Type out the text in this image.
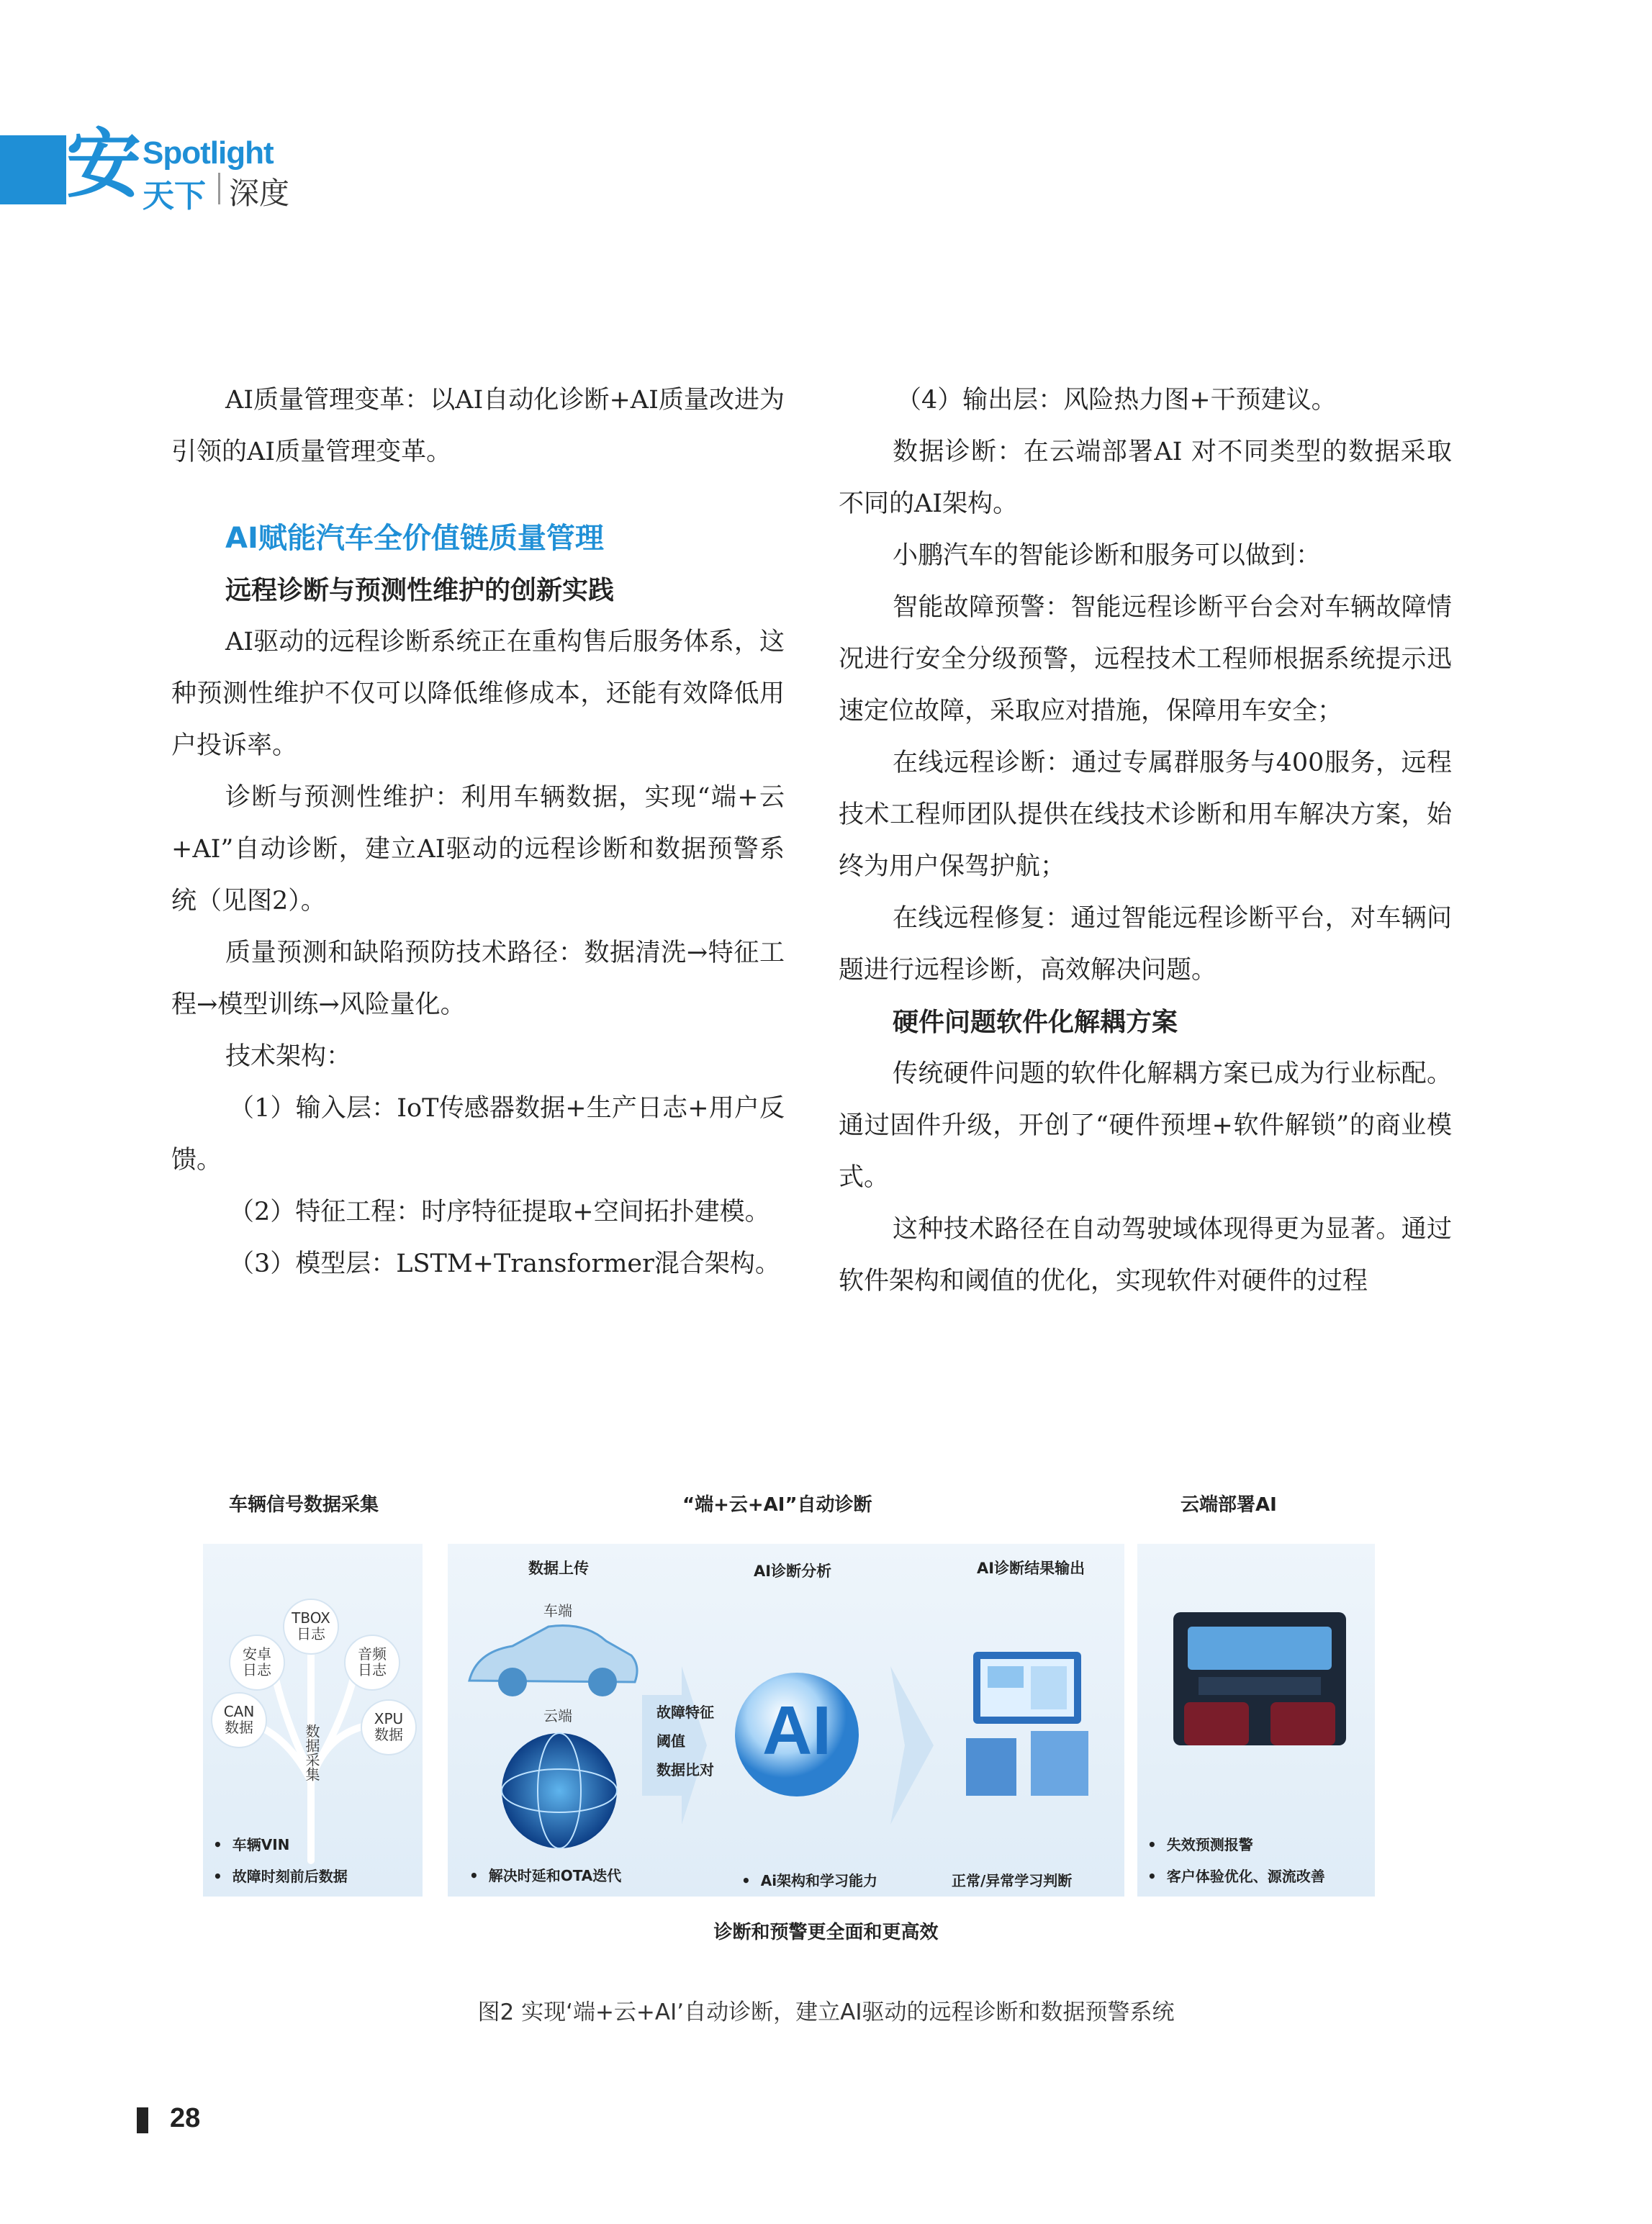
安 Spotlight
天下 深度

AI质量管理变革：以AI自动化诊断+AI质量改进为引领的AI质量管理变革。

AI赋能汽车全价值链质量管理

远程诊断与预测性维护的创新实践

AI驱动的远程诊断系统正在重构售后服务体系，这种预测性维护不仅可以降低维修成本，还能有效降低用户投诉率。

诊断与预测性维护：利用车辆数据，实现“端+云+AI”自动诊断，建立AI驱动的远程诊断和数据预警系统（见图2）。

质量预测和缺陷预防技术路径：数据清洗→特征工程→模型训练→风险量化。

技术架构：

（1）输入层：IoT传感器数据+生产日志+用户反馈。

（2）特征工程：时序特征提取+空间拓扑建模。

（3）模型层：LSTM+Transformer混合架构。

（4）输出层：风险热力图+干预建议。

数据诊断：在云端部署AI 对不同类型的数据采取不同的AI架构。

小鹏汽车的智能诊断和服务可以做到：

智能故障预警：智能远程诊断平台会对车辆故障情况进行安全分级预警，远程技术工程师根据系统提示迅速定位故障，采取应对措施，保障用车安全；

在线远程诊断：通过专属群服务与400服务，远程技术工程师团队提供在线技术诊断和用车解决方案，始终为用户保驾护航；

在线远程修复：通过智能远程诊断平台，对车辆问题进行远程诊断，高效解决问题。

硬件问题软件化解耦方案

传统硬件问题的软件化解耦方案已成为行业标配。通过固件升级，开创了“硬件预埋+软件解锁”的商业模式。

这种技术路径在自动驾驶域体现得更为显著。通过软件架构和阈值的优化，实现软件对硬件的过程

车辆信号数据采集	“端+云+AI”自动诊断	云端部署AI
TBOX
日志
安卓
日志
音频
日志
CAN
数据	XPU
数据
数据采集
•  车辆VIN
•  故障时刻前后数据
数据上传	AI诊断分析	AI诊断结果输出
车端
云端	故障特征
阈值
数据比对
AI
•  解决时延和OTA迭代	•  Ai架构和学习能力	正常/异常学习判断
•  失效预测报警
•  客户体验优化、源流改善
诊断和预警更全面和更高效
图2 实现‘端+云+AI’自动诊断，建立AI驱动的远程诊断和数据预警系统
28
